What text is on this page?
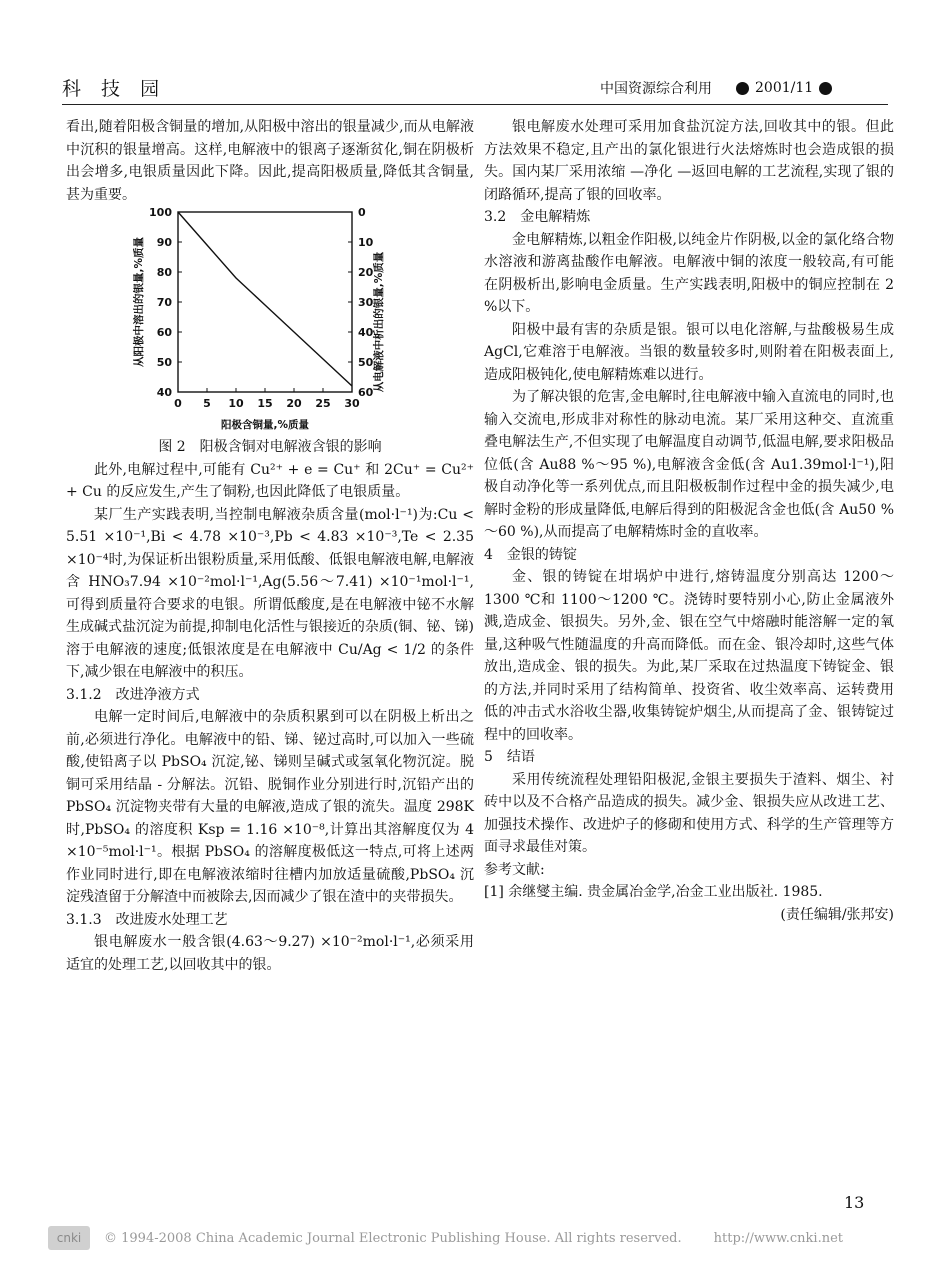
科 技 园	中国资源综合利用	2001/11

看出,随着阳极含铜量的增加,从阳极中溶出的银量减少,而从电解液中沉积的银量增高。这样,电解液中的银离子逐渐贫化,铜在阴极析出会增多,电银质量因此下降。因此,提高阳极质量,降低其含铜量,甚为重要。

0 5 10 15 20 25 30
100
90
80
70
60
50
40
0
10
20
30
40
50
60
阳极含铜量,%质量
从阳极中溶出的银量,%质量	从电解液中析出的银量,%质量

图 2　阳极含铜对电解液含银的影响

此外,电解过程中,可能有 Cu²⁺ + e = Cu⁺ 和 2Cu⁺ = Cu²⁺ + Cu 的反应发生,产生了铜粉,也因此降低了电银质量。

某厂生产实践表明,当控制电解液杂质含量(mol·l⁻¹)为:Cu < 5.51 ×10⁻¹,Bi < 4.78 ×10⁻³,Pb < 4.83 ×10⁻³,Te < 2.35 ×10⁻⁴时,为保证析出银粉质量,采用低酸、低银电解液电解,电解液含 HNO₃7.94 ×10⁻²mol·l⁻¹,Ag(5.56～7.41) ×10⁻¹mol·l⁻¹,可得到质量符合要求的电银。所谓低酸度,是在电解液中铋不水解生成碱式盐沉淀为前提,抑制电化活性与银接近的杂质(铜、铋、锑)溶于电解液的速度;低银浓度是在电解液中 Cu/Ag < 1/2 的条件下,减少银在电解液中的积压。

3.1.2　改进净液方式

电解一定时间后,电解液中的杂质积累到可以在阴极上析出之前,必须进行净化。电解液中的铅、锑、铋过高时,可以加入一些硫酸,使铅离子以 PbSO₄ 沉淀,铋、锑则呈碱式或氢氧化物沉淀。脱铜可采用结晶 - 分解法。沉铅、脱铜作业分别进行时,沉铅产出的 PbSO₄ 沉淀物夹带有大量的电解液,造成了银的流失。温度 298K时,PbSO₄ 的溶度积 Ksp = 1.16 ×10⁻⁸,计算出其溶解度仅为 4 ×10⁻⁵mol·l⁻¹。根据 PbSO₄ 的溶解度极低这一特点,可将上述两作业同时进行,即在电解液浓缩时往槽内加放适量硫酸,PbSO₄ 沉淀残渣留于分解渣中而被除去,因而减少了银在渣中的夹带损失。

3.1.3　改进废水处理工艺

银电解废水一般含银(4.63～9.27) ×10⁻²mol·l⁻¹,必须采用适宜的处理工艺,以回收其中的银。

银电解废水处理可采用加食盐沉淀方法,回收其中的银。但此方法效果不稳定,且产出的氯化银进行火法熔炼时也会造成银的损失。国内某厂采用浓缩 —净化 —返回电解的工艺流程,实现了银的闭路循环,提高了银的回收率。

3.2　金电解精炼

金电解精炼,以粗金作阳极,以纯金片作阴极,以金的氯化络合物水溶液和游离盐酸作电解液。电解液中铜的浓度一般较高,有可能在阴极析出,影响电金质量。生产实践表明,阳极中的铜应控制在 2 %以下。

阳极中最有害的杂质是银。银可以电化溶解,与盐酸极易生成 AgCl,它难溶于电解液。当银的数量较多时,则附着在阳极表面上,造成阳极钝化,使电解精炼难以进行。

为了解决银的危害,金电解时,往电解液中输入直流电的同时,也输入交流电,形成非对称性的脉动电流。某厂采用这种交、直流重叠电解法生产,不但实现了电解温度自动调节,低温电解,要求阳极品位低(含 Au88 %～95 %),电解液含金低(含 Au1.39mol·l⁻¹),阳极自动净化等一系列优点,而且阳极板制作过程中金的损失减少,电解时金粉的形成量降低,电解后得到的阳极泥含金也低(含 Au50 %～60 %),从而提高了电解精炼时金的直收率。

4　金银的铸锭

金、银的铸锭在坩埚炉中进行,熔铸温度分别高达 1200～1300 ℃和 1100～1200 ℃。浇铸时要特别小心,防止金属液外溅,造成金、银损失。另外,金、银在空气中熔融时能溶解一定的氧量,这种吸气性随温度的升高而降低。而在金、银冷却时,这些气体放出,造成金、银的损失。为此,某厂采取在过热温度下铸锭金、银的方法,并同时采用了结构简单、投资省、收尘效率高、运转费用低的冲击式水浴收尘器,收集铸锭炉烟尘,从而提高了金、银铸锭过程中的回收率。

5　结语

采用传统流程处理铅阳极泥,金银主要损失于渣料、烟尘、衬砖中以及不合格产品造成的损失。减少金、银损失应从改进工艺、加强技术操作、改进炉子的修砌和使用方式、科学的生产管理等方面寻求最佳对策。

参考文献:

[1] 余继燮主编. 贵金属冶金学,冶金工业出版社. 1985.

(责任编辑/张邦安)

13
cnki	© 1994-2008 China Academic Journal Electronic Publishing House. All rights reserved. http://www.cnki.net
